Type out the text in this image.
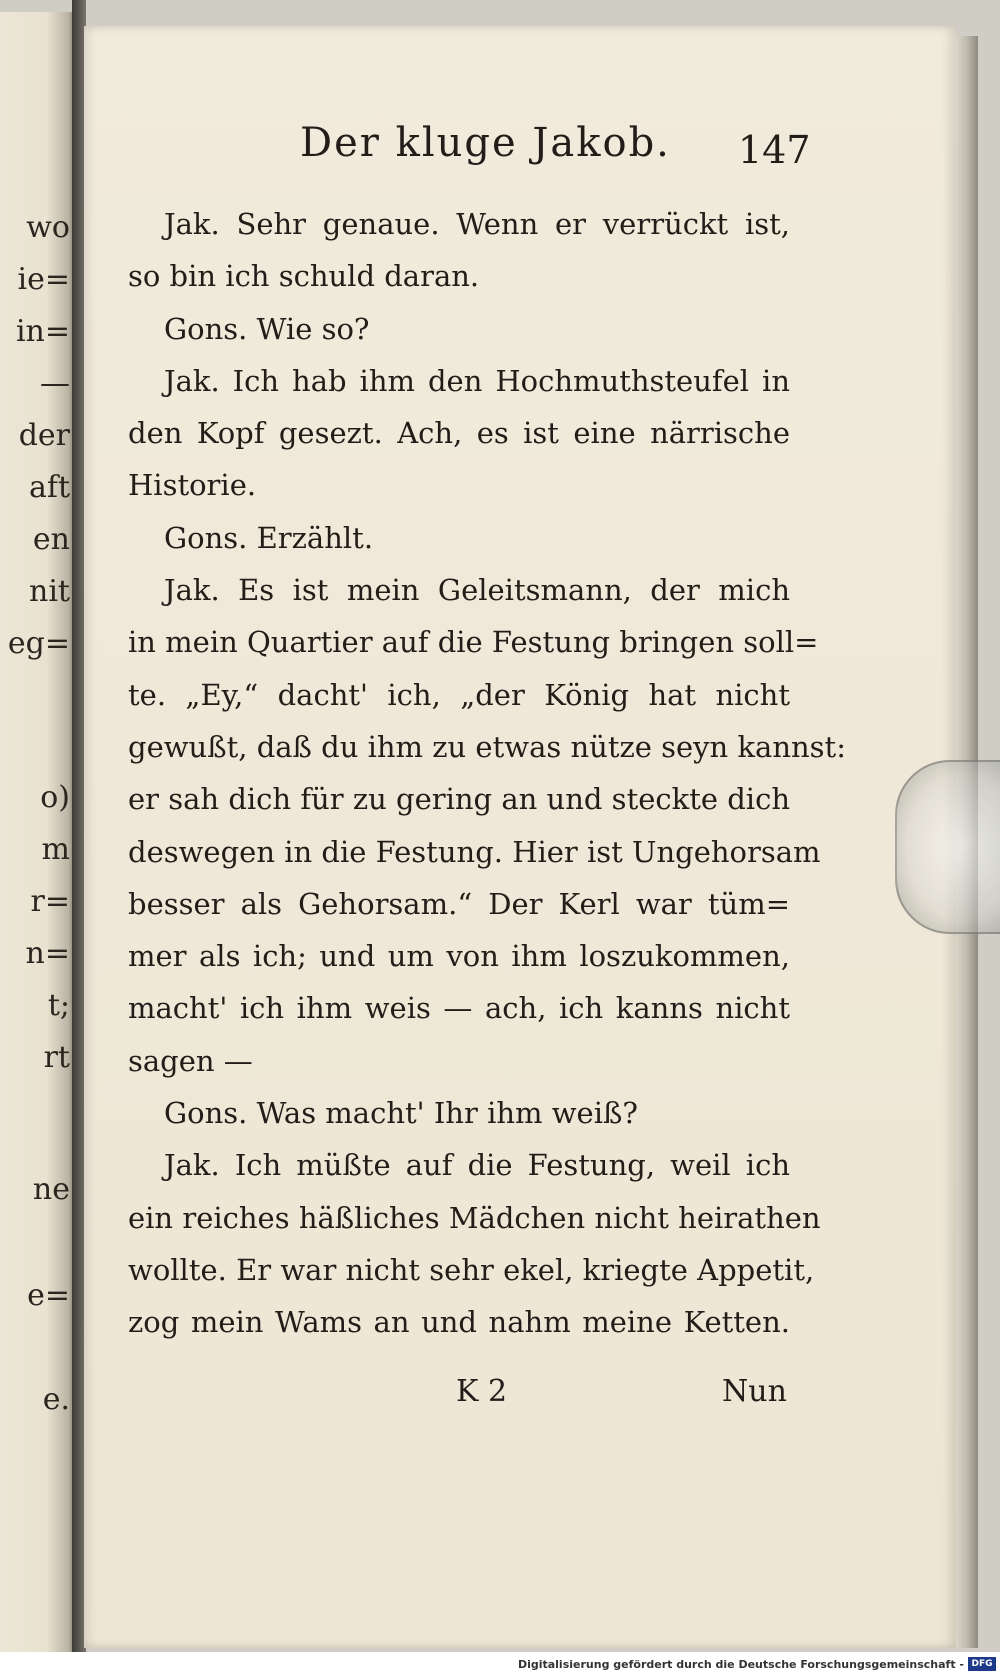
wo
ie=
in=
—
der
aft
en
nit
eg=
o)
m
r=
n=
t;
rt
ne
e=
e.
Der kluge Jakob. 147
Jak. Sehr genaue. Wenn er verrückt ist,
so bin ich schuld daran.
Gons. Wie so?
Jak. Ich hab ihm den Hochmuthsteufel in
den Kopf gesezt. Ach, es ist eine närrische
Historie.
Gons. Erzählt.
Jak. Es ist mein Geleitsmann, der mich
in mein Quartier auf die Festung bringen soll=
te. „Ey,“ dacht' ich, „der König hat nicht
gewußt, daß du ihm zu etwas nütze seyn kannst:
er sah dich für zu gering an und steckte dich
deswegen in die Festung. Hier ist Ungehorsam
besser als Gehorsam.“ Der Kerl war tüm=
mer als ich; und um von ihm loszukommen,
macht' ich ihm weis — ach, ich kanns nicht
sagen —
Gons. Was macht' Ihr ihm weiß?
Jak. Ich müßte auf die Festung, weil ich
ein reiches häßliches Mädchen nicht heirathen
wollte. Er war nicht sehr ekel, kriegte Appetit,
zog mein Wams an und nahm meine Ketten.
K 2	Nun
Digitalisierung gefördert durch die Deutsche Forschungsgemeinschaft - DFG
